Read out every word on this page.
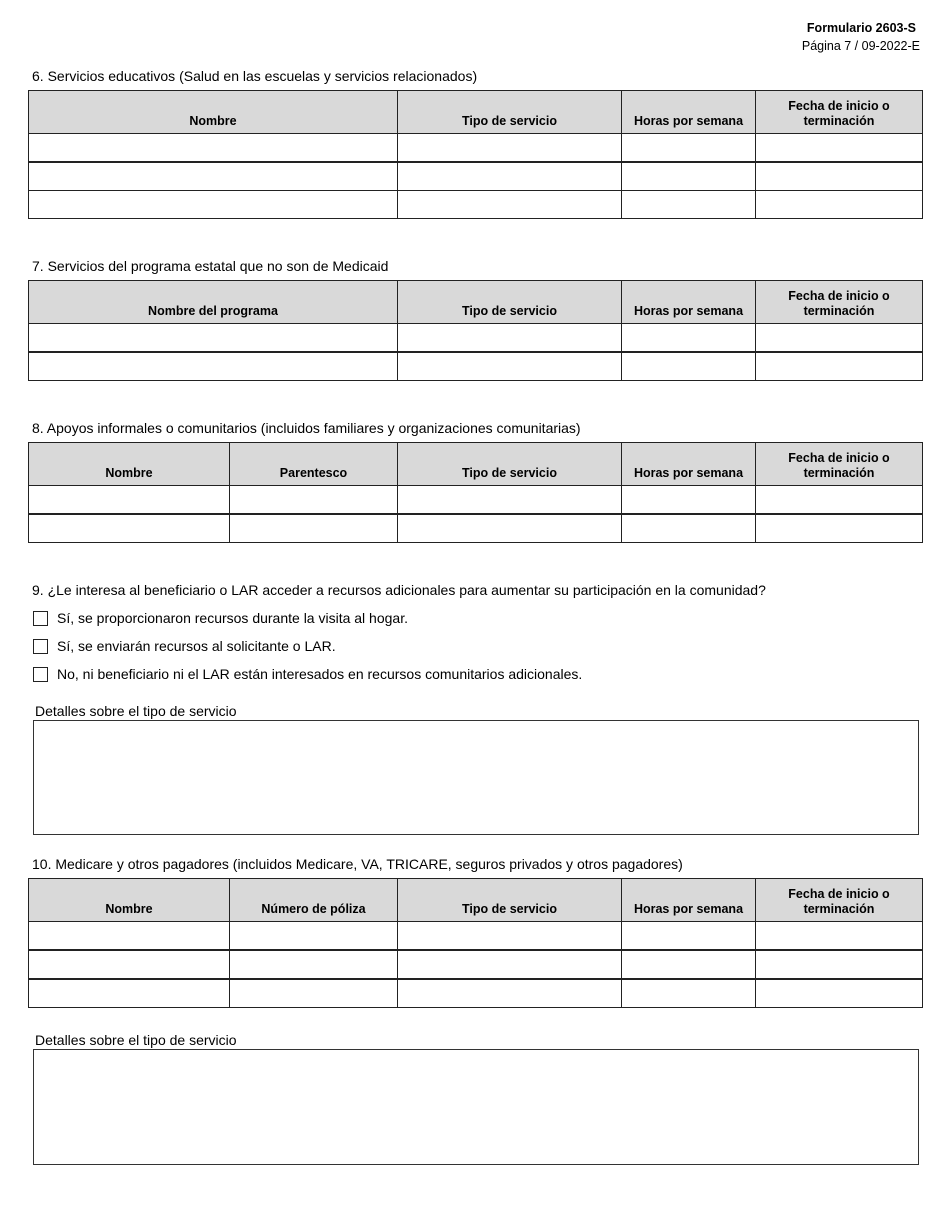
Formulario 2603-S
Página 7 / 09-2022-E
6. Servicios educativos (Salud en las escuelas y servicios relacionados)
Nombre	Tipo de servicio	Horas por semana	Fecha de inicio o terminación

7. Servicios del programa estatal que no son de Medicaid
Nombre del programa	Tipo de servicio	Horas por semana	Fecha de inicio o terminación

8. Apoyos informales o comunitarios (incluidos familiares y organizaciones comunitarias)
Nombre	Parentesco	Tipo de servicio	Horas por semana	Fecha de inicio o terminación

9. ¿Le interesa al beneficiario o LAR acceder a recursos adicionales para aumentar su participación en la comunidad?
Sí, se proporcionaron recursos durante la visita al hogar.
Sí, se enviarán recursos al solicitante o LAR.
No, ni beneficiario ni el LAR están interesados en recursos comunitarios adicionales.
Detalles sobre el tipo de servicio
10. Medicare y otros pagadores (incluidos Medicare, VA, TRICARE, seguros privados y otros pagadores)
Nombre	Número de póliza	Tipo de servicio	Horas por semana	Fecha de inicio o terminación

Detalles sobre el tipo de servicio
